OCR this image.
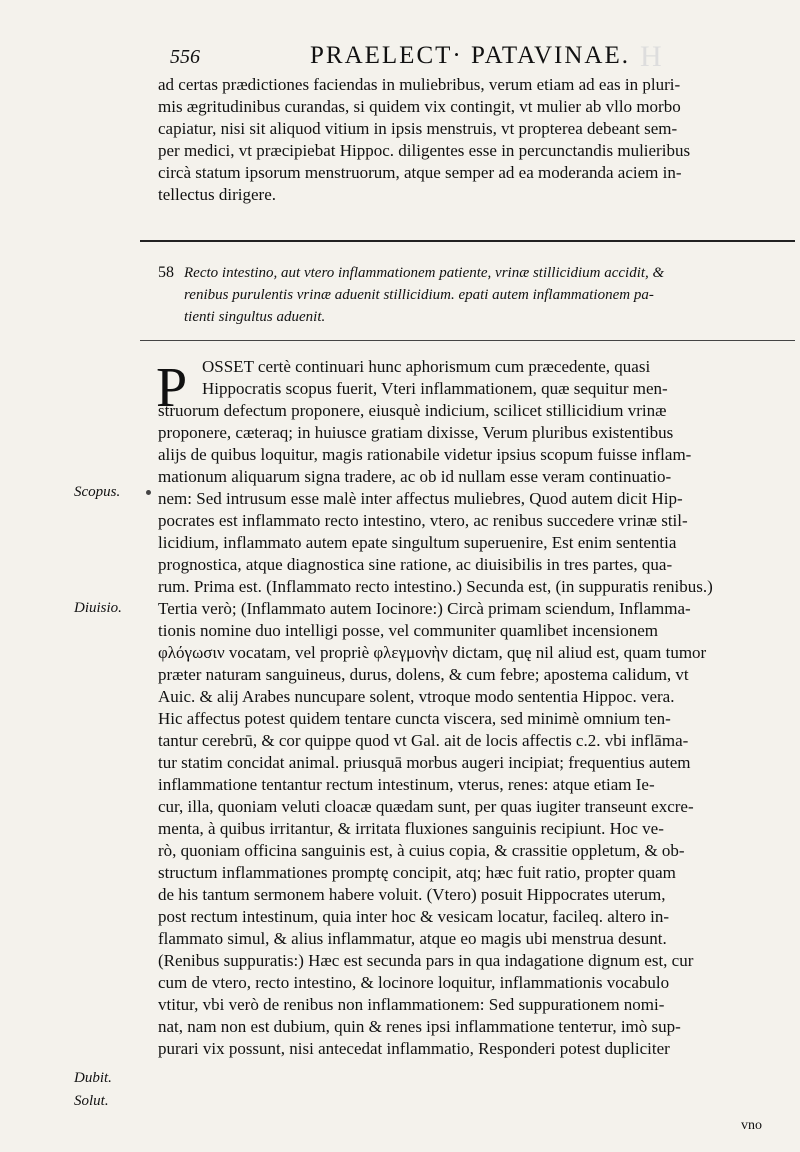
H
556	PRAELECT· PATAVINAE.
ad certas prædictiones faciendas in muliebribus, verum etiam ad eas in pluri-
mis ægritudinibus curandas, si quidem vix contingit, vt mulier ab vllo morbo
capiatur, nisi sit aliquod vitium in ipsis menstruis, vt propterea debeant sem-
per medici, vt præcipiebat Hippoc. diligentes esse in percunctandis mulieribus
circà statum ipsorum menstruorum, atque semper ad ea moderanda aciem in-
tellectus dirigere.
58 Recto intestino, aut vtero inflammationem patiente, vrinæ stillicidium accidit, &
renibus purulentis vrinæ aduenit stillicidium. epati autem inflammationem pa-
tienti singultus aduenit.
P OSSET certè continuari hunc aphorismum cum præcedente, quasi
Hippocratis scopus fuerit, Vteri inflammationem, quæ sequitur men-
struorum defectum proponere, eiusquè indicium, scilicet stillicidium vrinæ
proponere, cæteraq; in huiusce gratiam dixisse, Verum pluribus existentibus
alijs de quibus loquitur, magis rationabile videtur ipsius scopum fuisse inflam-
mationum aliquarum signa tradere, ac ob id nullam esse veram continuatio-
nem: Sed intrusum esse malè inter affectus muliebres, Quod autem dicit Hip-
pocrates est inflammato recto intestino, vtero, ac renibus succedere vrinæ stil-
licidium, inflammato autem epate singultum superuenire, Est enim sententia
prognostica, atque diagnostica sine ratione, ac diuisibilis in tres partes, qua-
rum. Prima est. (Inflammato recto intestino.) Secunda est, (in suppuratis renibus.)
Tertia verò; (Inflammato autem Iocinore:) Circà primam sciendum, Inflamma-
tionis nomine duo intelligi posse, vel communiter quamlibet incensionem
φλόγωσιν vocatam, vel propriè φλεγμονὴν dictam, quę nil aliud est, quam tumor
præter naturam sanguineus, durus, dolens, & cum febre; apostema calidum, vt
Auic. & alij Arabes nuncupare solent, vtroque modo sententia Hippoc. vera.
Hic affectus potest quidem tentare cuncta viscera, sed minimè omnium ten-
tantur cerebrū, & cor quippe quod vt Gal. ait de locis affectis c.2. vbi inflāma-
tur statim concidat animal. priusquā morbus augeri incipiat; frequentius autem
inflammatione tentantur rectum intestinum, vterus, renes: atque etiam Ie-
cur, illa, quoniam veluti cloacæ quædam sunt, per quas iugiter transeunt excre-
menta, à quibus irritantur, & irritata fluxiones sanguinis recipiunt. Hoc ve-
rò, quoniam officina sanguinis est, à cuius copia, & crassitie oppletum, & ob-
structum inflammationes promptę concipit, atq; hæc fuit ratio, propter quam
de his tantum sermonem habere voluit. (Vtero) posuit Hippocrates uterum,
post rectum intestinum, quia inter hoc & vesicam locatur, facileq. altero in-
flammato simul, & alius inflammatur, atque eo magis ubi menstrua desunt.
(Renibus suppuratis:) Hæc est secunda pars in qua indagatione dignum est, cur
cum de vtero, recto intestino, & locinore loquitur, inflammationis vocabulo
vtitur, vbi verò de renibus non inflammationem: Sed suppurationem nomi-
nat, nam non est dubium, quin & renes ipsi inflammatione tenteтur, imò sup-
purari vix possunt, nisi antecedat inflammatio, Responderi potest dupliciter
Scopus.
Diuisio.
Dubit.
Solut.
vno
